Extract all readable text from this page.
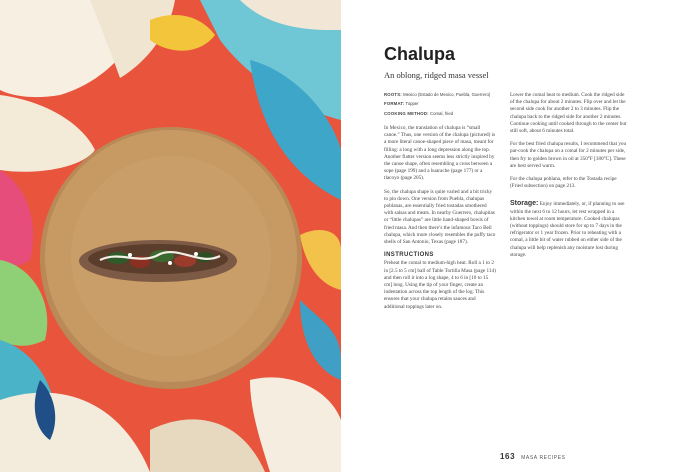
Chalupa
An oblong, ridged masa vessel
ROOTS: Mexico (Estado de Mexico, Puebla, Guerrero)
FORMAT: Topper
COOKING METHOD: Comal, fried

In Mexico, the translation of chalupa is “small canoe.” Thus, one version of the chalupa (pictured) is a more literal canoe-shaped piece of masa, meant for filling: a long with a long depression along the top. Another flatter version seems less strictly inspired by the canoe shape, often resembling a cross between a sope (page 199) and a huarache (page 177) or a tlacoyo (page 205).

So, the chalupa shape is quite varied and a bit tricky to pin down. One version from Puebla, chalupas poblanas, are essentially fried tostadas smothered with salsas and meats. In nearby Guerrero, chalupitas or “little chalupas” are little hand-shaped bowls of fried masa. And then there’s the infamous Taco Bell chalupa, which more closely resembles the puffy taco shells of San Antonio, Texas (page 187).

INSTRUCTIONS

Preheat the comal to medium-high heat. Roll a 1 to 2 in [2.5 to 5 cm] ball of Table Tortilla Masa (page 114) and then roll it into a log shape, 4 to 6 in [10 to 15 cm] long. Using the tip of your finger, create an indentation across the top length of the log. This ensures that your chalupa retains sauces and additional toppings later on.

Lower the comal heat to medium. Cook the ridged side of the chalupa for about 2 minutes. Flip over and let the second side cook for another 2 to 3 minutes. Flip the chalupa back to the ridged side for another 2 minutes. Continue cooking until cooked through to the center but still soft, about 6 minutes total.

For the best fried chalupa results, I recommend that you par-cook the chalupa on a comal for 2 minutes per side, then fry to golden brown in oil at 350°F [180°C]. These are best served warm.

For the chalupa poblana, refer to the Tostada recipe (Fried subsection) on page 213.

Storage: Enjoy immediately, or, if planning to use within the next 6 to 12 hours, let rest wrapped in a kitchen towel at room temperature. Cooked chalupas (without toppings) should store for up to 7 days in the refrigerator or 1 year frozen. Prior to reheating with a comal, a little bit of water rubbed on either side of the chalupa will help replenish any moisture lost during storage.

163 MASA RECIPES
